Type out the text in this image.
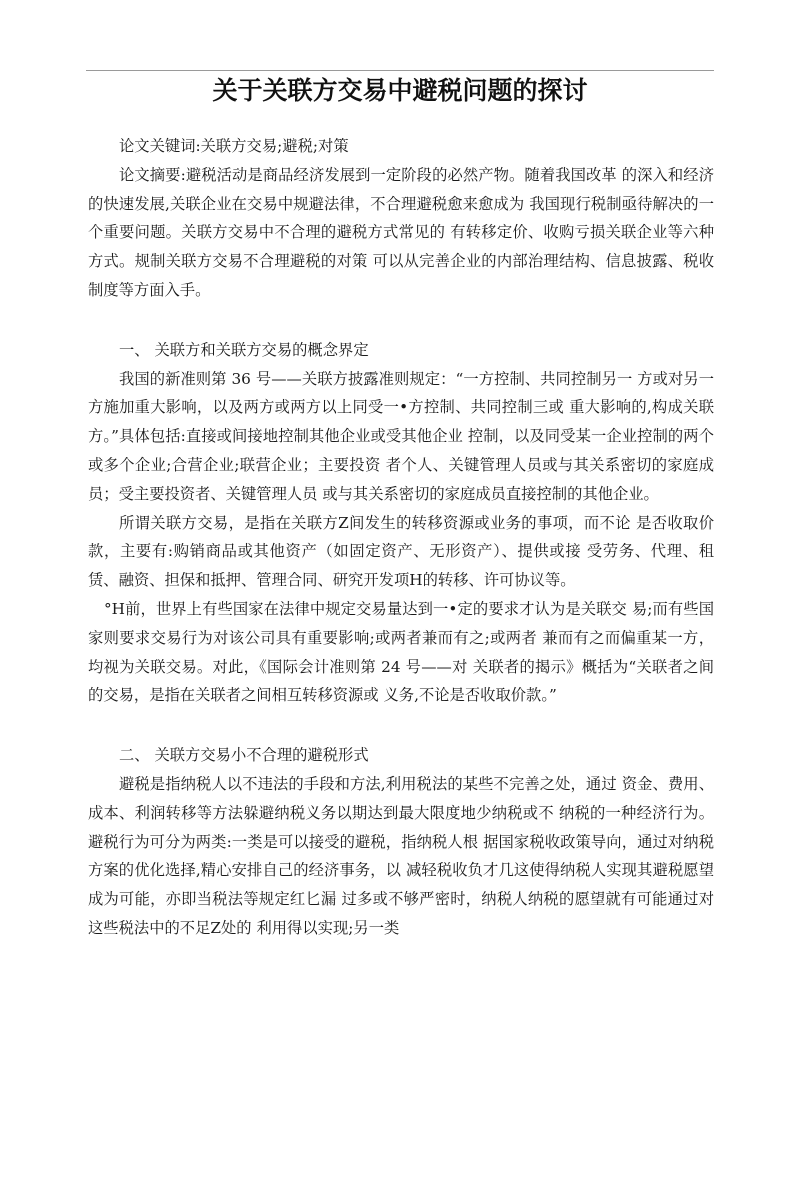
关于关联方交易中避税问题的探讨

论文关键词:关联方交易;避税;对策

论文摘要:避税活动是商品经济发展到一定阶段的必然产物。随着我国改革 的深入和经济的快速发展,关联企业在交易中规避法律，不合理避税愈来愈成为 我国现行税制亟待解决的一个重要问题。关联方交易中不合理的避税方式常见的 有转移定价、收购亏损关联企业等六种方式。规制关联方交易不合理避税的对策 可以从完善企业的内部治理结构、信息披露、税收制度等方面入手。

一、 关联方和关联方交易的概念界定

我国的新准则第 36 号——关联方披露准则规定：“一方控制、共同控制另一 方或对另一方施加重大影响，以及两方或两方以上同受一•方控制、共同控制三或 重大影响的,构成关联方。”具体包括:直接或间接地控制其他企业或受其他企业 控制，以及同受某一企业控制的两个或多个企业;合营企业;联营企业；主要投资 者个人、关键管理人员或与其关系密切的家庭成员；受主要投资者、关键管理人员 或与其关系密切的家庭成员直接控制的其他企业。

所谓关联方交易，是指在关联方Z间发生的转移资源或业务的事项，而不论 是否收取价款，主要有:购销商品或其他资产（如固定资产、无形资产）、提供或接 受劳务、代理、租赁、融资、担保和抵押、管理合同、研究开发项H的转移、许可协议等。

°H前，世界上有些国家在法律中规定交易量达到一•定的要求才认为是关联交 易;而有些国家则要求交易行为对该公司具有重要影响;或两者兼而有之;或两者 兼而有之而偏重某一方，均视为关联交易。对此，《国际会计准则第 24 号——对 关联者的揭示》概括为“关联者之间的交易，是指在关联者之间相互转移资源或 义务,不论是否收取价款。”

二、 关联方交易小不合理的避税形式

避税是指纳税人以不违法的手段和方法,利用税法的某些不完善之处，通过 资金、费用、成本、利润转移等方法躲避纳税义务以期达到最大限度地少纳税或不 纳税的一种经济行为。避税行为可分为两类:一类是可以接受的避税，指纳税人根 据国家税收政策导向，通过对纳税方案的优化选择,精心安排自己的经济事务，以 减轻税收负才几这使得纳税人实现其避税愿望成为可能，亦即当税法等规定红匕漏 过多或不够严密时，纳税人纳税的愿望就有可能通过对这些税法中的不足Z处的 利用得以实现;另一类
